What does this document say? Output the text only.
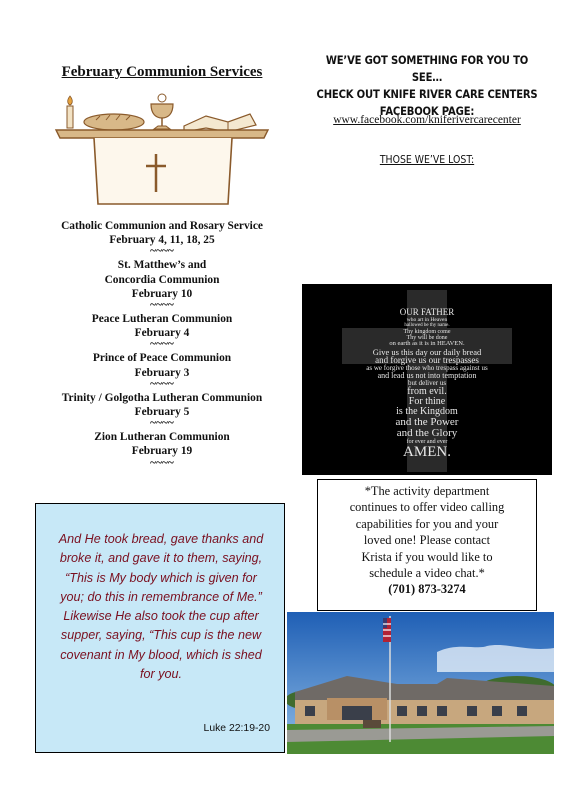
February Communion Services
Catholic Communion and Rosary Service
February 4, 11, 18, 25
~~~~
St. Matthew’s and
Concordia Communion
February 10
~~~~
Peace Lutheran Communion
February 4
~~~~
Prince of Peace Communion
February 3
~~~~
Trinity / Golgotha Lutheran Communion
February 5
~~~~
Zion Lutheran Communion
February 19
~~~~
And He took bread, gave thanks and
broke it, and gave it to them, saying,
“This is My body which is given for
you; do this in remembrance of Me.”
Likewise He also took the cup after
supper, saying, “This cup is the new
covenant in My blood, which is shed
for you.
Luke 22:19-20
WE’VE GOT SOMETHING FOR YOU TO SEE…
CHECK OUT KNIFE RIVER CARE CENTERS
FACEBOOK PAGE:
www.facebook.com/kniferivercarecenter
THOSE WE’VE LOST:
OUR FATHER
who art in Heaven
hallowed be thy name.
Thy kingdom come
Thy will be done
on earth as it is in HEAVEN.
Give us this day our daily bread
and forgive us our trespasses
as we forgive those who trespass against us
and lead us not into temptation
but deliver us
from evil.
For thine
is the Kingdom
and the Power
and the Glory
for ever and ever
AMEN.
*The activity department
continues to offer video calling
capabilities for you and your
loved one! Please contact
Krista if you would like to
schedule a video chat.*
(701) 873-3274
